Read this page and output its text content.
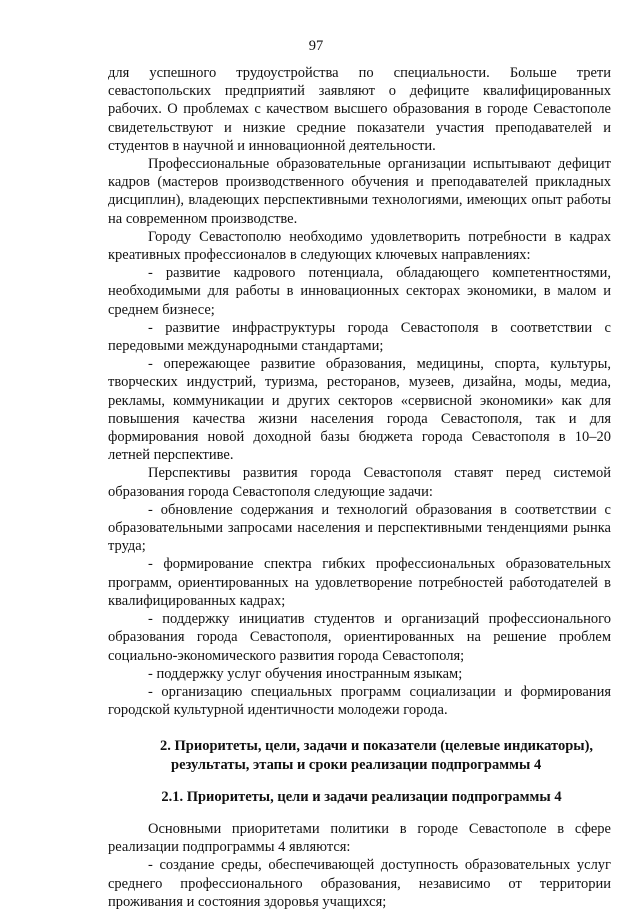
97

для успешного трудоустройства по специальности. Больше трети севастопольских предприятий заявляют о дефиците квалифицированных рабочих. О проблемах с качеством высшего образования в городе Севастополе свидетельствуют и низкие средние показатели участия преподавателей и студентов в научной и инновационной деятельности.

Профессиональные образовательные организации испытывают дефицит кадров (мастеров производственного обучения и преподавателей прикладных дисциплин), владеющих перспективными технологиями, имеющих опыт работы на современном производстве.

Городу Севастополю необходимо удовлетворить потребности в кадрах креативных профессионалов в следующих ключевых направлениях:

- развитие кадрового потенциала, обладающего компетентностями, необходимыми для работы в инновационных секторах экономики, в малом и среднем бизнесе;

- развитие инфраструктуры города Севастополя в соответствии с передовыми международными стандартами;

- опережающее развитие образования, медицины, спорта, культуры, творческих индустрий, туризма, ресторанов, музеев, дизайна, моды, медиа, рекламы, коммуникации и других секторов «сервисной экономики» как для повышения качества жизни населения города Севастополя, так и для формирования новой доходной базы бюджета города Севастополя в 10–20 летней перспективе.

Перспективы развития города Севастополя ставят перед системой образования города Севастополя следующие задачи:

- обновление содержания и технологий образования в соответствии с образовательными запросами населения и перспективными тенденциями рынка труда;

- формирование спектра гибких профессиональных образовательных программ, ориентированных на удовлетворение потребностей работодателей в квалифицированных кадрах;

- поддержку инициатив студентов и организаций профессионального образования города Севастополя, ориентированных на решение проблем социально-экономического развития города Севастополя;

- поддержку услуг обучения иностранным языкам;

- организацию специальных программ социализации и формирования городской культурной идентичности молодежи города.

2. Приоритеты, цели, задачи и показатели (целевые индикаторы),
результаты, этапы и сроки реализации подпрограммы 4
2.1. Приоритеты, цели и задачи реализации подпрограммы 4

Основными приоритетами политики в городе Севастополе в сфере реализации подпрограммы 4 являются:

- создание среды, обеспечивающей доступность образовательных услуг среднего профессионального образования, независимо от территории проживания и состояния здоровья учащихся;
